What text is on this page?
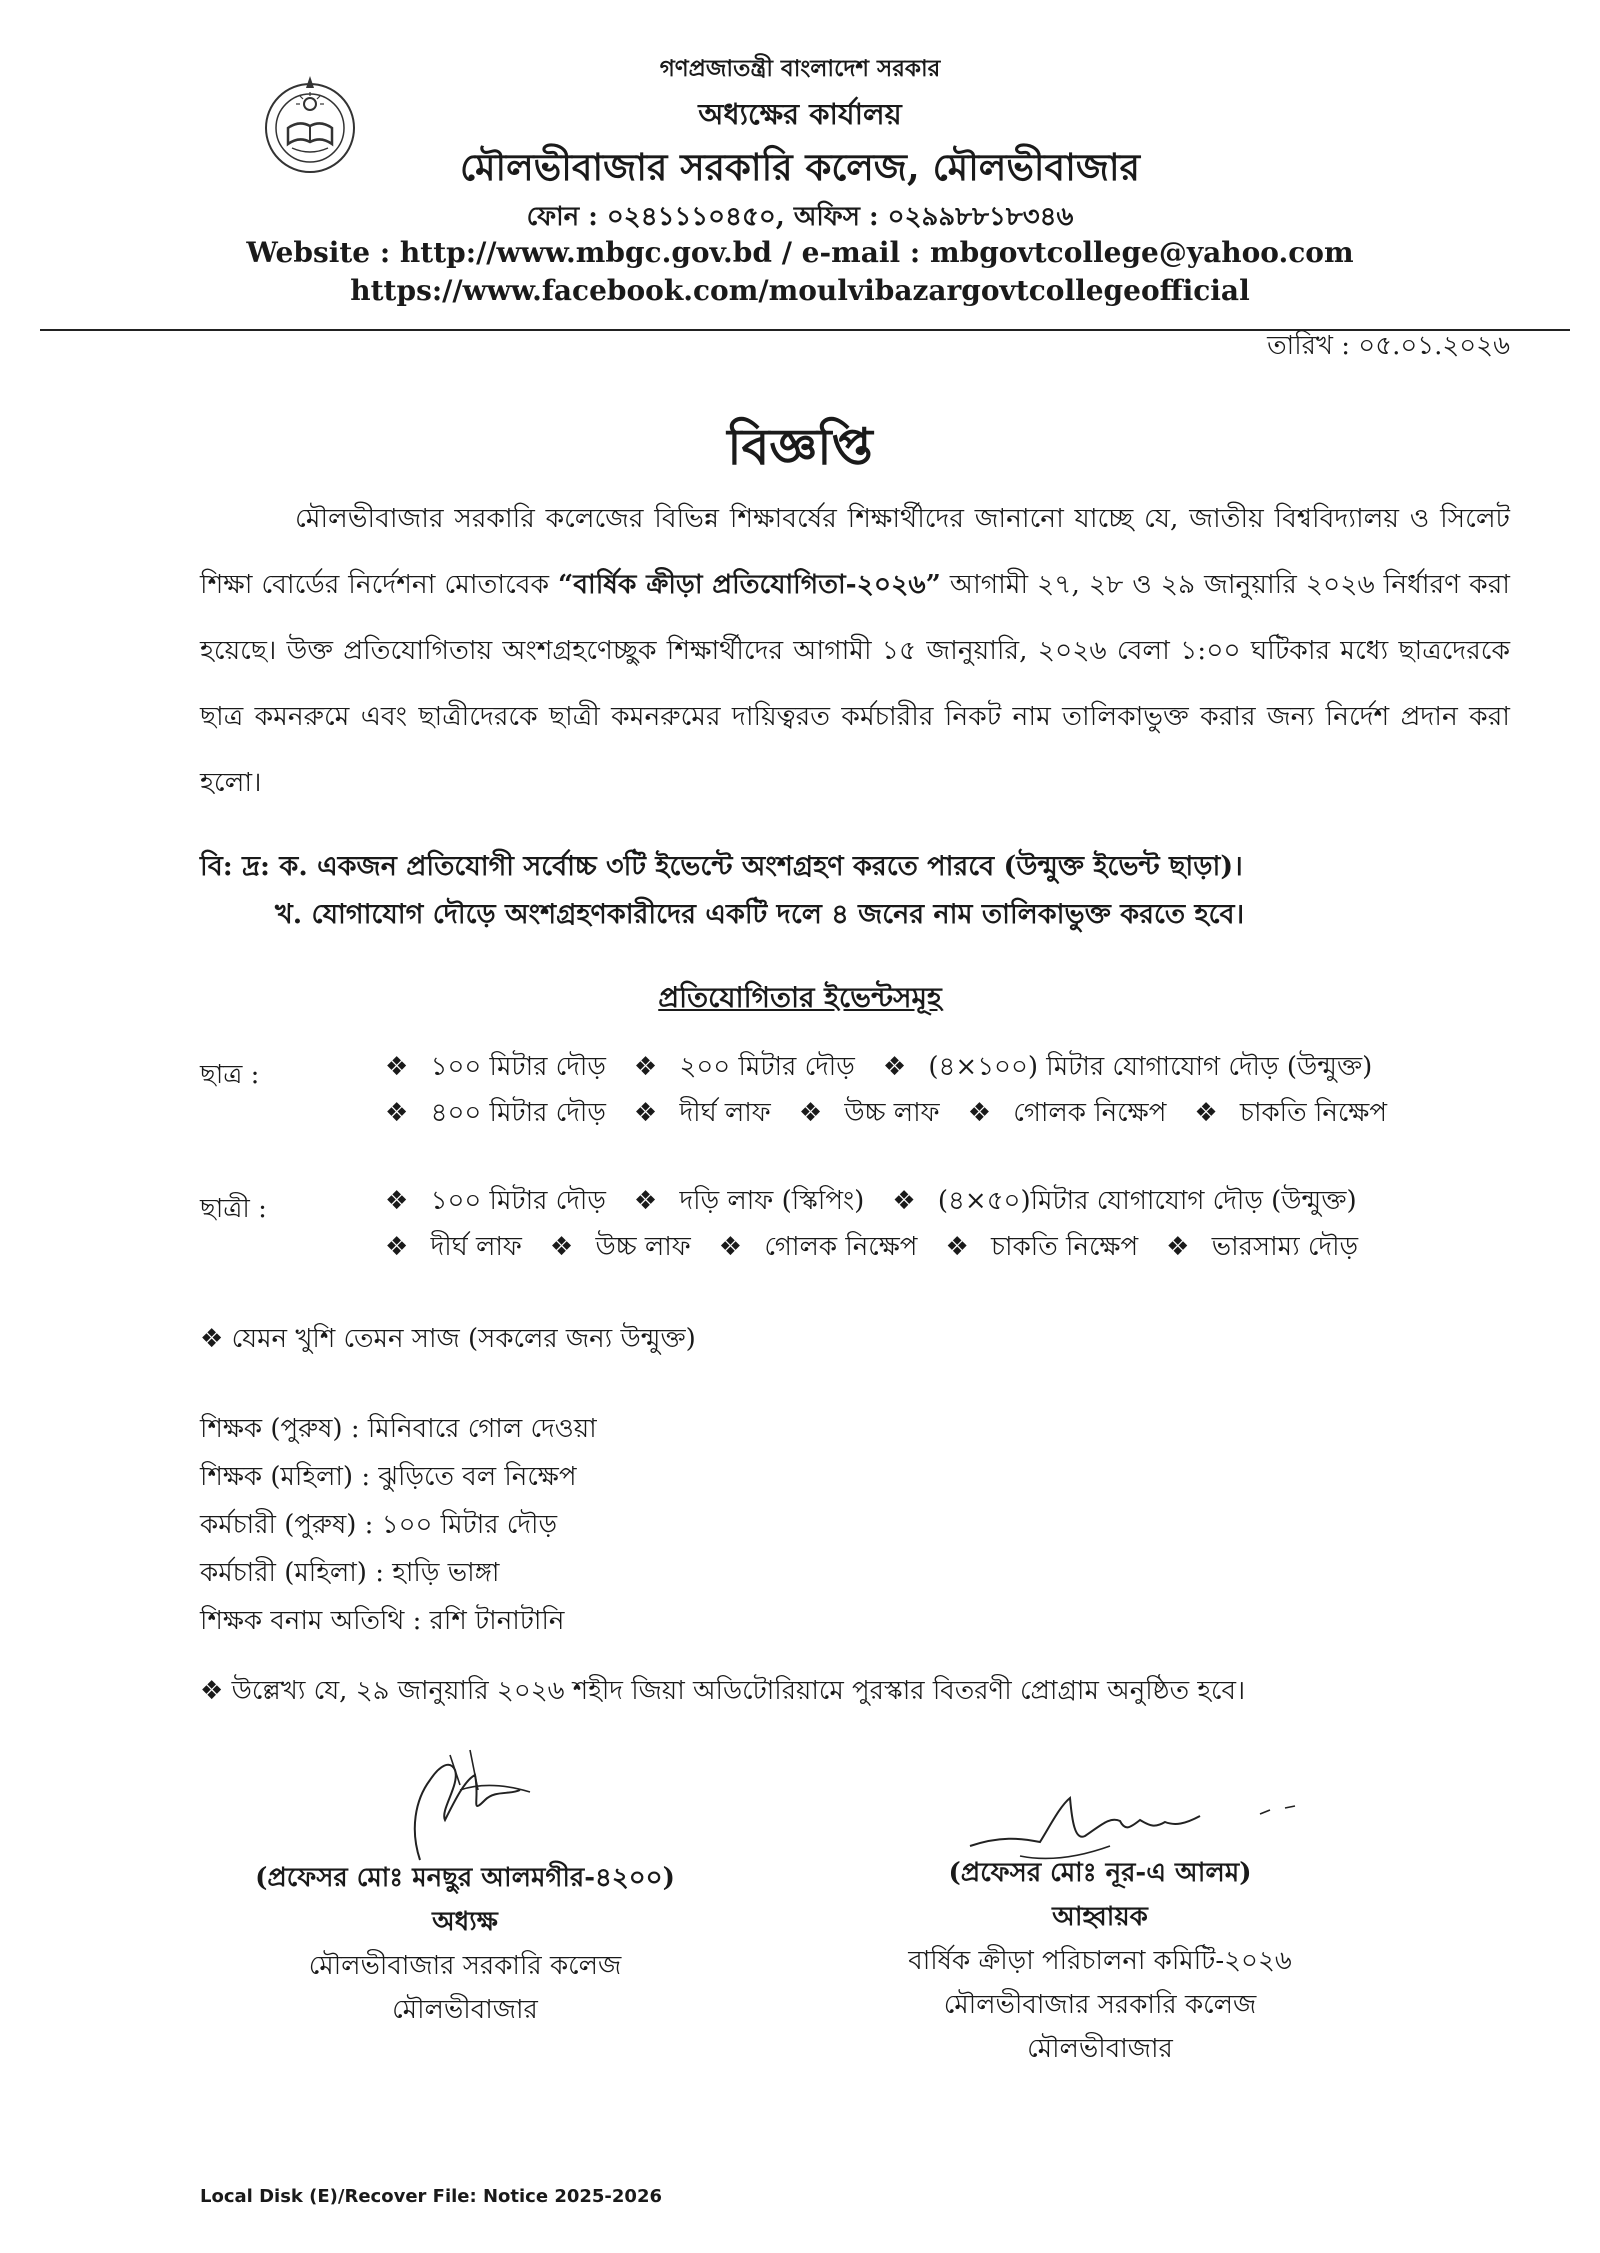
গণপ্রজাতন্ত্রী বাংলাদেশ সরকার
অধ্যক্ষের কার্যালয়
মৌলভীবাজার সরকারি কলেজ, মৌলভীবাজার
ফোন : ০২৪১১১০৪৫০, অফিস : ০২৯৯৮৮১৮৩৪৬
Website : http://www.mbgc.gov.bd / e-mail : mbgovtcollege@yahoo.com
https://www.facebook.com/moulvibazargovtcollegeofficial
তারিখ : ০৫.০১.২০২৬
বিজ্ঞপ্তি
মৌলভীবাজার সরকারি কলেজের বিভিন্ন শিক্ষাবর্ষের শিক্ষার্থীদের জানানো যাচ্ছে যে, জাতীয় বিশ্ববিদ্যালয় ও সিলেট শিক্ষা বোর্ডের নির্দেশনা মোতাবেক “বার্ষিক ক্রীড়া প্রতিযোগিতা-২০২৬” আগামী ২৭, ২৮ ও ২৯ জানুয়ারি ২০২৬ নির্ধারণ করা হয়েছে। উক্ত প্রতিযোগিতায় অংশগ্রহণেচ্ছুক শিক্ষার্থীদের আগামী ১৫ জানুয়ারি, ২০২৬ বেলা ১:০০ ঘটিকার মধ্যে ছাত্রদেরকে ছাত্র কমনরুমে এবং ছাত্রীদেরকে ছাত্রী কমনরুমের দায়িত্বরত কর্মচারীর নিকট নাম তালিকাভুক্ত করার জন্য নির্দেশ প্রদান করা হলো।
বি: দ্র: ক. একজন প্রতিযোগী সর্বোচ্চ ৩টি ইভেন্টে অংশগ্রহণ করতে পারবে (উন্মুক্ত ইভেন্ট ছাড়া)।
খ. যোগাযোগ দৌড়ে অংশগ্রহণকারীদের একটি দলে ৪ জনের নাম তালিকাভুক্ত করতে হবে।
প্রতিযোগিতার ইভেন্টসমূহ
ছাত্র :	❖ ১০০ মিটার দৌড় ❖ ২০০ মিটার দৌড় ❖ (৪×১০০) মিটার যোগাযোগ দৌড় (উন্মুক্ত)
❖ ৪০০ মিটার দৌড় ❖ দীর্ঘ লাফ ❖ উচ্চ লাফ ❖ গোলক নিক্ষেপ ❖ চাকতি নিক্ষেপ
ছাত্রী :	❖ ১০০ মিটার দৌড় ❖ দড়ি লাফ (স্কিপিং) ❖ (৪×৫০)মিটার যোগাযোগ দৌড় (উন্মুক্ত)
❖ দীর্ঘ লাফ ❖ উচ্চ লাফ ❖ গোলক নিক্ষেপ ❖ চাকতি নিক্ষেপ ❖ ভারসাম্য দৌড়
❖ যেমন খুশি তেমন সাজ (সকলের জন্য উন্মুক্ত)
শিক্ষক (পুরুষ) : মিনিবারে গোল দেওয়া
শিক্ষক (মহিলা) : ঝুড়িতে বল নিক্ষেপ
কর্মচারী (পুরুষ) : ১০০ মিটার দৌড়
কর্মচারী (মহিলা) : হাড়ি ভাঙ্গা
শিক্ষক বনাম অতিথি : রশি টানাটানি
❖ উল্লেখ্য যে, ২৯ জানুয়ারি ২০২৬ শহীদ জিয়া অডিটোরিয়ামে পুরস্কার বিতরণী প্রোগ্রাম অনুষ্ঠিত হবে।
(প্রফেসর মোঃ মনছুর আলমগীর-৪২০০)
অধ্যক্ষ
মৌলভীবাজার সরকারি কলেজ
মৌলভীবাজার
(প্রফেসর মোঃ নূর-এ আলম)
আহ্বায়ক
বার্ষিক ক্রীড়া পরিচালনা কমিটি-২০২৬
মৌলভীবাজার সরকারি কলেজ
মৌলভীবাজার
Local Disk (E)/Recover File: Notice 2025-2026
